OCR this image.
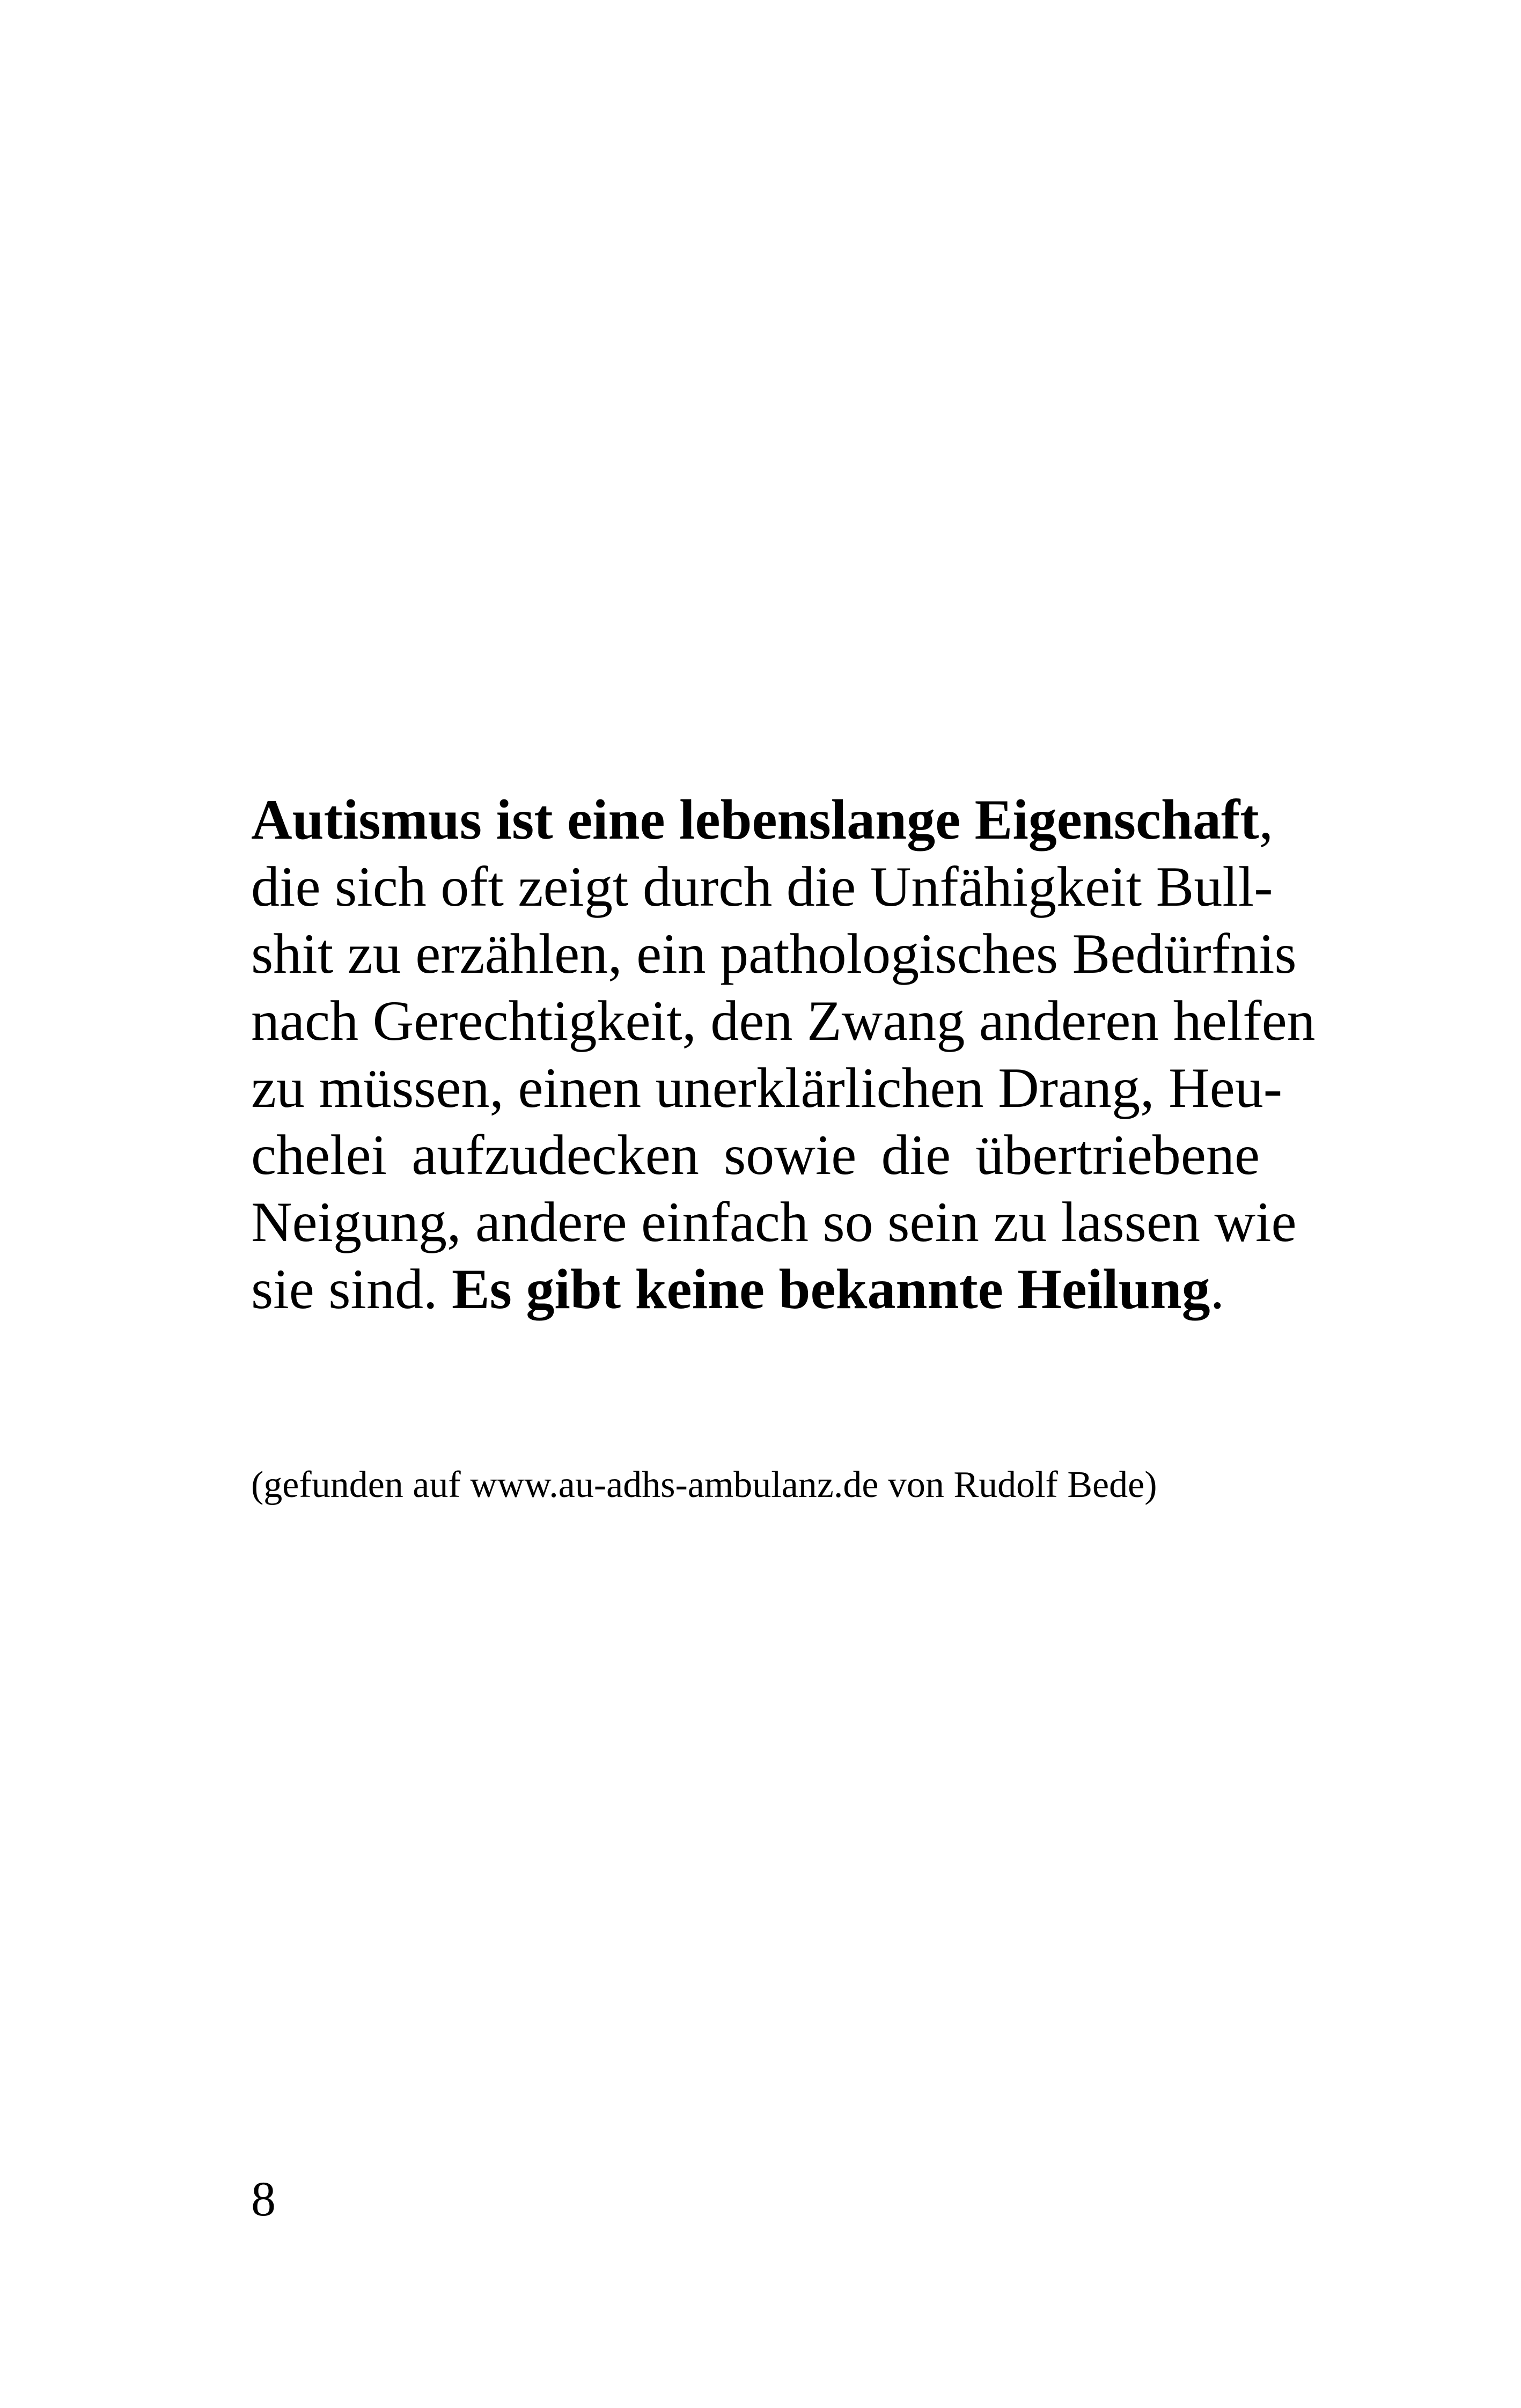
Autismus ist eine lebenslange Eigenschaft,
die sich oft zeigt durch die Unfähigkeit Bull-
shit zu erzählen, ein pathologisches Bedürfnis
nach Gerechtigkeit, den Zwang anderen helfen
zu müssen, einen unerklärlichen Drang, Heu-
chelei aufzudecken sowie die übertriebene
Neigung, andere einfach so sein zu lassen wie
sie sind. Es gibt keine bekannte Heilung.

(gefunden auf www.au-adhs-ambulanz.de von Rudolf Bede)

8
